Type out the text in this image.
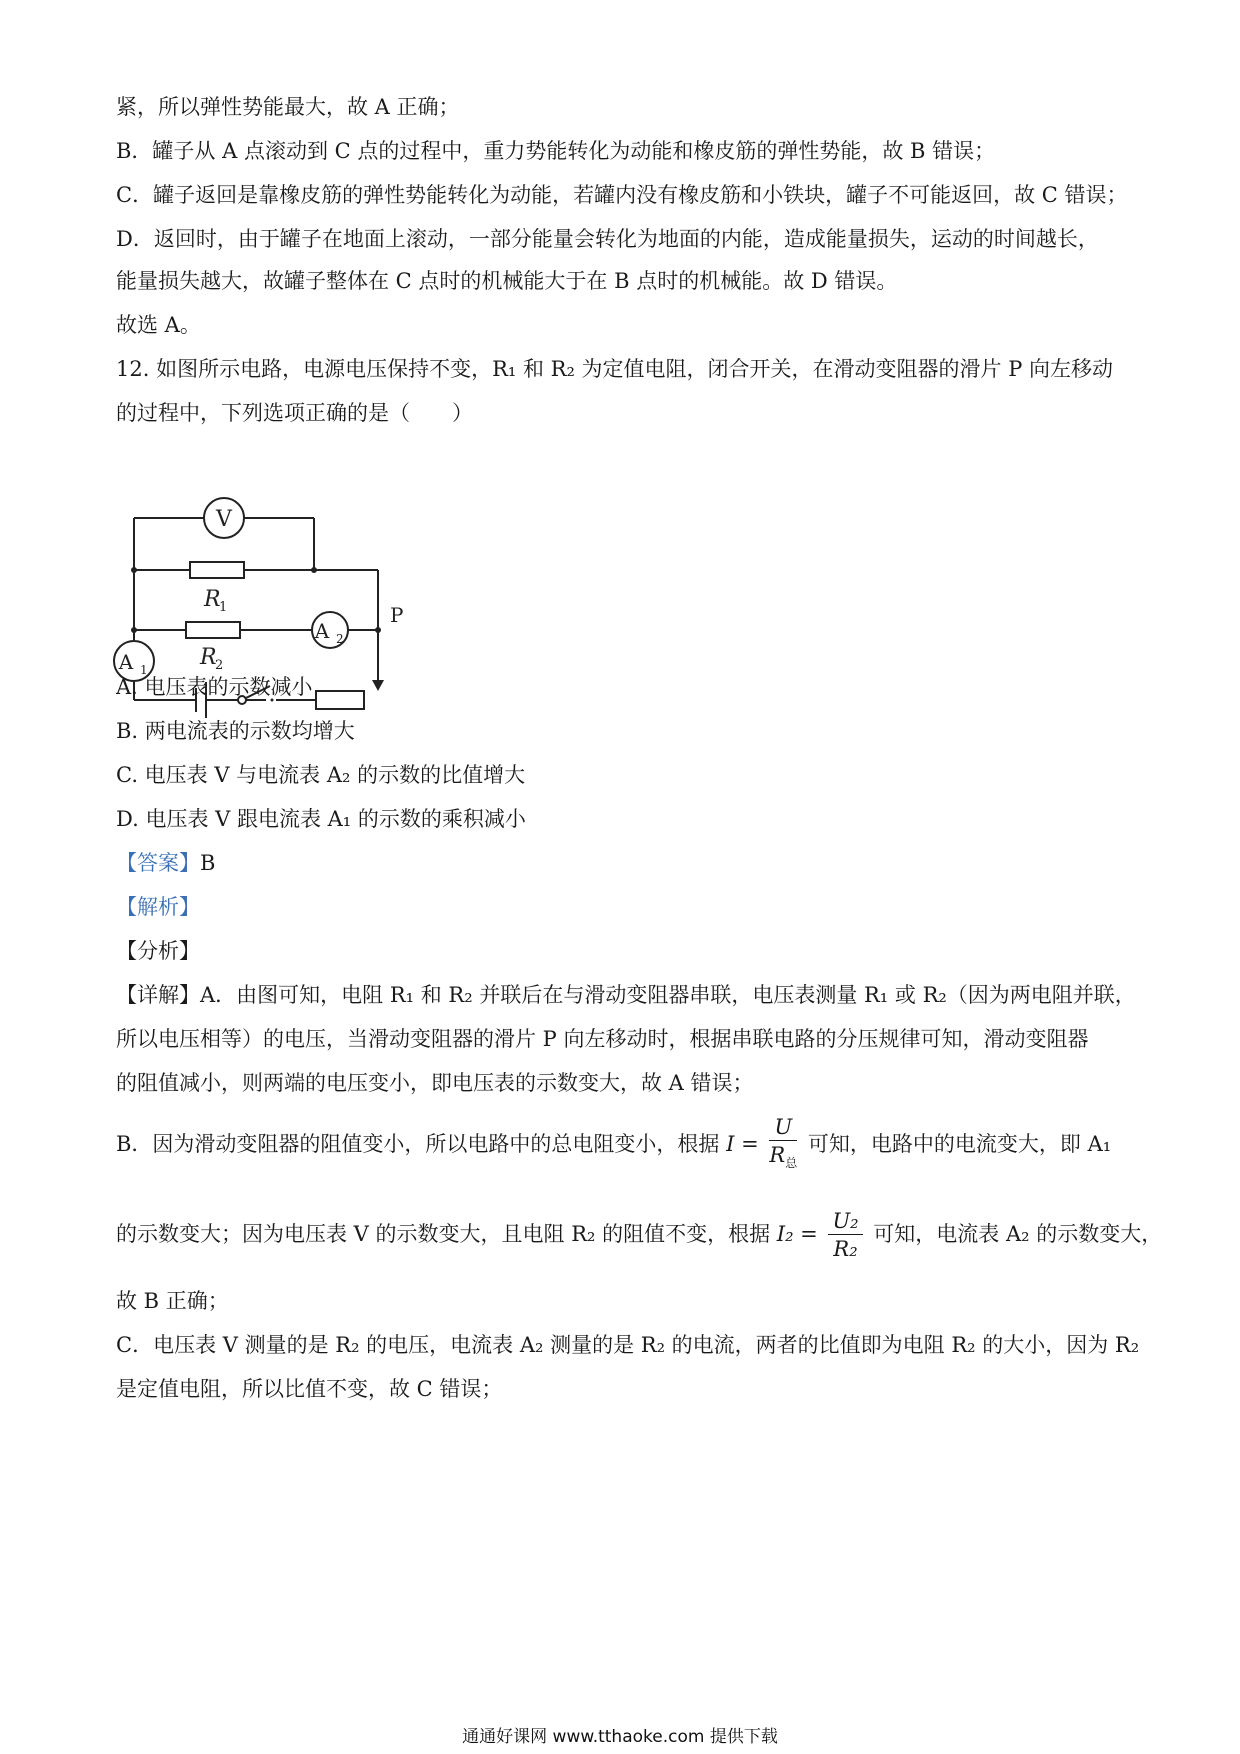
紧，所以弹性势能最大，故 A 正确；
B．罐子从 A 点滚动到 C 点的过程中，重力势能转化为动能和橡皮筋的弹性势能，故 B 错误；
C．罐子返回是靠橡皮筋的弹性势能转化为动能，若罐内没有橡皮筋和小铁块，罐子不可能返回，故 C 错误；
D．返回时，由于罐子在地面上滚动，一部分能量会转化为地面的内能，造成能量损失，运动的时间越长，
能量损失越大，故罐子整体在 C 点时的机械能大于在 B 点时的机械能。故 D 错误。
故选 A。
12. 如图所示电路，电源电压保持不变，R₁ 和 R₂ 为定值电阻，闭合开关，在滑动变阻器的滑片 P 向左移动
的过程中，下列选项正确的是（　　）
V
R
1
R
2
A 2
A 1
P
A. 电压表的示数减小
B. 两电流表的示数均增大
C. 电压表 V 与电流表 A₂ 的示数的比值增大
D. 电压表 V 跟电流表 A₁ 的示数的乘积减小
【答案】B
【解析】
【分析】
【详解】A．由图可知，电阻 R₁ 和 R₂ 并联后在与滑动变阻器串联，电压表测量 R₁ 或 R₂（因为两电阻并联，
所以电压相等）的电压，当滑动变阻器的滑片 P 向左移动时，根据串联电路的分压规律可知，滑动变阻器
的阻值减小，则两端的电压变小，即电压表的示数变大，故 A 错误；
B．因为滑动变阻器的阻值变小，所以电路中的总电阻变小，根据 $I = \frac{U}{R_总}$ 可知，电路中的电流变大，即 A₁
的示数变大；因为电压表 V 的示数变大，且电阻 R₂ 的阻值不变，根据 $I_2 = \frac{\text{U₂}}{\text{R₂}}$ 可知，电流表 A₂ 的示数变大，
故 B 正确；
C．电压表 V 测量的是 R₂ 的电压，电流表 A₂ 测量的是 R₂ 的电流，两者的比值即为电阻 R₂ 的大小，因为 R₂
是定值电阻，所以比值不变，故 C 错误；
通通好课网 www.tthaoke.com 提供下载
